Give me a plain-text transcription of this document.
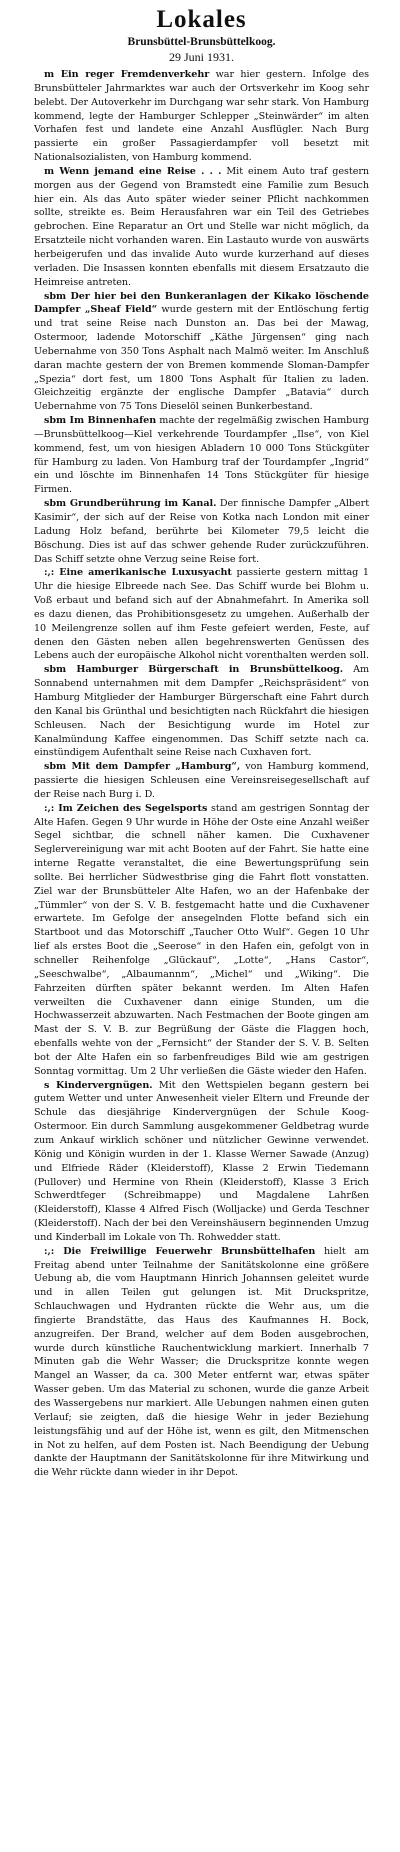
Lokales
Brunsbüttel-Brunsbüttelkoog.
29 Juni 1931.

m Ein reger Fremdenverkehr war hier gestern. Infolge des Brunsbütteler Jahrmarktes war auch der Ortsverkehr im Koog sehr belebt. Der Autoverkehr im Durchgang war sehr stark. Von Hamburg kommend, legte der Hamburger Schlepper „Steinwärder“ im alten Vorhafen fest und landete eine Anzahl Ausflügler. Nach Burg passierte ein großer Passagierdampfer voll besetzt mit Nationalsozialisten, von Hamburg kommend.

m Wenn jemand eine Reise . . . Mit einem Auto traf gestern morgen aus der Gegend von Bramstedt eine Familie zum Besuch hier ein. Als das Auto später wieder seiner Pflicht nachkommen sollte, streikte es. Beim Herausfahren war ein Teil des Getriebes gebrochen. Eine Reparatur an Ort und Stelle war nicht möglich, da Ersatzteile nicht vorhanden waren. Ein Lastauto wurde von auswärts herbeigerufen und das invalide Auto wurde kurzerhand auf dieses verladen. Die Insassen konnten ebenfalls mit diesem Ersatzauto die Heimreise antreten.

sbm Der hier bei den Bunkeranlagen der Kikako löschende Dampfer „Sheaf Field“ wurde gestern mit der Entlöschung fertig und trat seine Reise nach Dunston an. Das bei der Mawag, Ostermoor, ladende Motorschiff „Käthe Jürgensen“ ging nach Uebernahme von 350 Tons Asphalt nach Malmö weiter. Im Anschluß daran machte gestern der von Bremen kommende Sloman-Dampfer „Spezia“ dort fest, um 1800 Tons Asphalt für Italien zu laden. Gleichzeitig ergänzte der englische Dampfer „Batavia“ durch Uebernahme von 75 Tons Dieselöl seinen Bunkerbestand.

sbm Im Binnenhafen machte der regelmäßig zwischen Hamburg—Brunsbüttelkoog—Kiel verkehrende Tourdampfer „Ilse“, von Kiel kommend, fest, um von hiesigen Abladern 10 000 Tons Stückgüter für Hamburg zu laden. Von Hamburg traf der Tourdampfer „Ingrid“ ein und löschte im Binnenhafen 14 Tons Stückgüter für hiesige Firmen.

sbm Grundberührung im Kanal. Der finnische Dampfer „Albert Kasimir“, der sich auf der Reise von Kotka nach London mit einer Ladung Holz befand, berührte bei Kilometer 79,5 leicht die Böschung. Dies ist auf das schwer gehende Ruder zurückzuführen. Das Schiff setzte ohne Verzug seine Reise fort.

:,: Eine amerikanische Luxusyacht passierte gestern mittag 1 Uhr die hiesige Elbreede nach See. Das Schiff wurde bei Blohm u. Voß erbaut und befand sich auf der Abnahmefahrt. In Amerika soll es dazu dienen, das Prohibitionsgesetz zu umgehen. Außerhalb der 10 Meilengrenze sollen auf ihm Feste gefeiert werden, Feste, auf denen den Gästen neben allen begehrenswerten Genüssen des Lebens auch der europäische Alkohol nicht vorenthalten werden soll.

sbm Hamburger Bürgerschaft in Brunsbüttelkoog. Am Sonnabend unternahmen mit dem Dampfer „Reichspräsident“ von Hamburg Mitglieder der Hamburger Bürgerschaft eine Fahrt durch den Kanal bis Grünthal und besichtigten nach Rückfahrt die hiesigen Schleusen. Nach der Besichtigung wurde im Hotel zur Kanalmündung Kaffee eingenommen. Das Schiff setzte nach ca. einstündigem Aufenthalt seine Reise nach Cuxhaven fort.

sbm Mit dem Dampfer „Hamburg“, von Hamburg kommend, passierte die hiesigen Schleusen eine Vereinsreisegesellschaft auf der Reise nach Burg i. D.

:,: Im Zeichen des Segelsports stand am gestrigen Sonntag der Alte Hafen. Gegen 9 Uhr wurde in Höhe der Oste eine Anzahl weißer Segel sichtbar, die schnell näher kamen. Die Cuxhavener Seglervereinigung war mit acht Booten auf der Fahrt. Sie hatte eine interne Regatte veranstaltet, die eine Bewertungsprüfung sein sollte. Bei herrlicher Südwestbrise ging die Fahrt flott vonstatten. Ziel war der Brunsbütteler Alte Hafen, wo an der Hafenbake der „Tümmler“ von der S. V. B. festgemacht hatte und die Cuxhavener erwartete. Im Gefolge der ansegelnden Flotte befand sich ein Startboot und das Motorschiff „Taucher Otto Wulf“. Gegen 10 Uhr lief als erstes Boot die „Seerose“ in den Hafen ein, gefolgt von in schneller Reihenfolge „Glückauf“, „Lotte“, „Hans Castor“, „Seeschwalbe“, „Albaumannm“, „Michel“ und „Wiking“. Die Fahrzeiten dürften später bekannt werden. Im Alten Hafen verweilten die Cuxhavener dann einige Stunden, um die Hochwasserzeit abzuwarten. Nach Festmachen der Boote gingen am Mast der S. V. B. zur Begrüßung der Gäste die Flaggen hoch, ebenfalls wehte von der „Fernsicht“ der Stander der S. V. B. Selten bot der Alte Hafen ein so farbenfreudiges Bild wie am gestrigen Sonntag vormittag. Um 2 Uhr verließen die Gäste wieder den Hafen.

s Kindervergnügen. Mit den Wettspielen begann gestern bei gutem Wetter und unter Anwesenheit vieler Eltern und Freunde der Schule das diesjährige Kindervergnügen der Schule Koog-Ostermoor. Ein durch Sammlung ausgekommener Geldbetrag wurde zum Ankauf wirklich schöner und nützlicher Gewinne verwendet. König und Königin wurden in der 1. Klasse Werner Sawade (Anzug) und Elfriede Räder (Kleiderstoff), Klasse 2 Erwin Tiedemann (Pullover) und Hermine von Rhein (Kleiderstoff), Klasse 3 Erich Schwerdtfeger (Schreibmappe) und Magdalene Lahrßen (Kleiderstoff), Klasse 4 Alfred Fisch (Wolljacke) und Gerda Teschner (Kleiderstoff). Nach der bei den Vereinshäusern beginnenden Umzug und Kinderball im Lokale von Th. Rohwedder statt.

:,: Die Freiwillige Feuerwehr Brunsbüttelhafen hielt am Freitag abend unter Teilnahme der Sanitätskolonne eine größere Uebung ab, die vom Hauptmann Hinrich Johannsen geleitet wurde und in allen Teilen gut gelungen ist. Mit Druckspritze, Schlauchwagen und Hydranten rückte die Wehr aus, um die fingierte Brandstätte, das Haus des Kaufmannes H. Bock, anzugreifen. Der Brand, welcher auf dem Boden ausgebrochen, wurde durch künstliche Rauchentwicklung markiert. Innerhalb 7 Minuten gab die Wehr Wasser; die Druckspritze konnte wegen Mangel an Wasser, da ca. 300 Meter entfernt war, etwas später Wasser geben. Um das Material zu schonen, wurde die ganze Arbeit des Wassergebens nur markiert. Alle Uebungen nahmen einen guten Verlauf; sie zeigten, daß die hiesige Wehr in jeder Beziehung leistungsfähig und auf der Höhe ist, wenn es gilt, den Mitmenschen in Not zu helfen, auf dem Posten ist. Nach Beendigung der Uebung dankte der Hauptmann der Sanitätskolonne für ihre Mitwirkung und die Wehr rückte dann wieder in ihr Depot.
